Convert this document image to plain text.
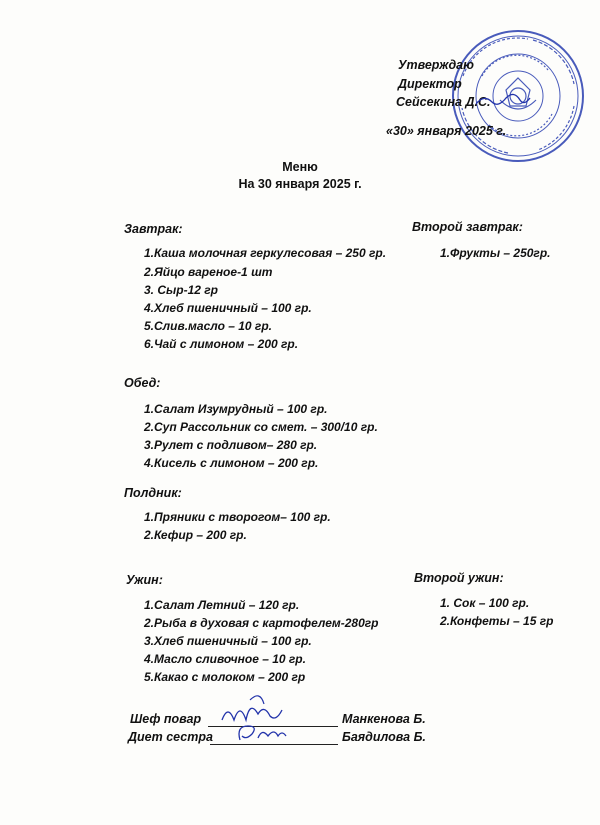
Утверждаю
Директор
Сейсекина Д.С.
«30» января 2025 г.
Меню
На 30 января 2025 г.
Завтрак:
1.Каша молочная геркулесовая – 250 гр.
2.Яйцо вареное-1 шт
3. Сыр-12 гр
4.Хлеб пшеничный – 100 гр.
5.Слив.масло – 10 гр.
6.Чай с лимоном – 200 гр.
Второй завтрак:
1.Фрукты – 250гр.
Обед:
1.Салат Изумрудный – 100 гр.
2.Суп Рассольник со смет. – 300/10 гр.
3.Рулет с подливом– 280 гр.
4.Кисель с лимоном – 200 гр.
Полдник:
1.Пряники с творогом– 100 гр.
2.Кефир – 200 гр.
Ужин:
1.Салат Летний – 120 гр.
2.Рыба в духовая с картофелем-280гр
3.Хлеб пшеничный – 100 гр.
4.Масло сливочное – 10 гр.
5.Какао с молоком – 200 гр
Второй ужин:
1. Сок – 100 гр.
2.Конфеты – 15 гр
Шеф повар	Манкенова Б.
Диет сестра	Баядилова Б.
